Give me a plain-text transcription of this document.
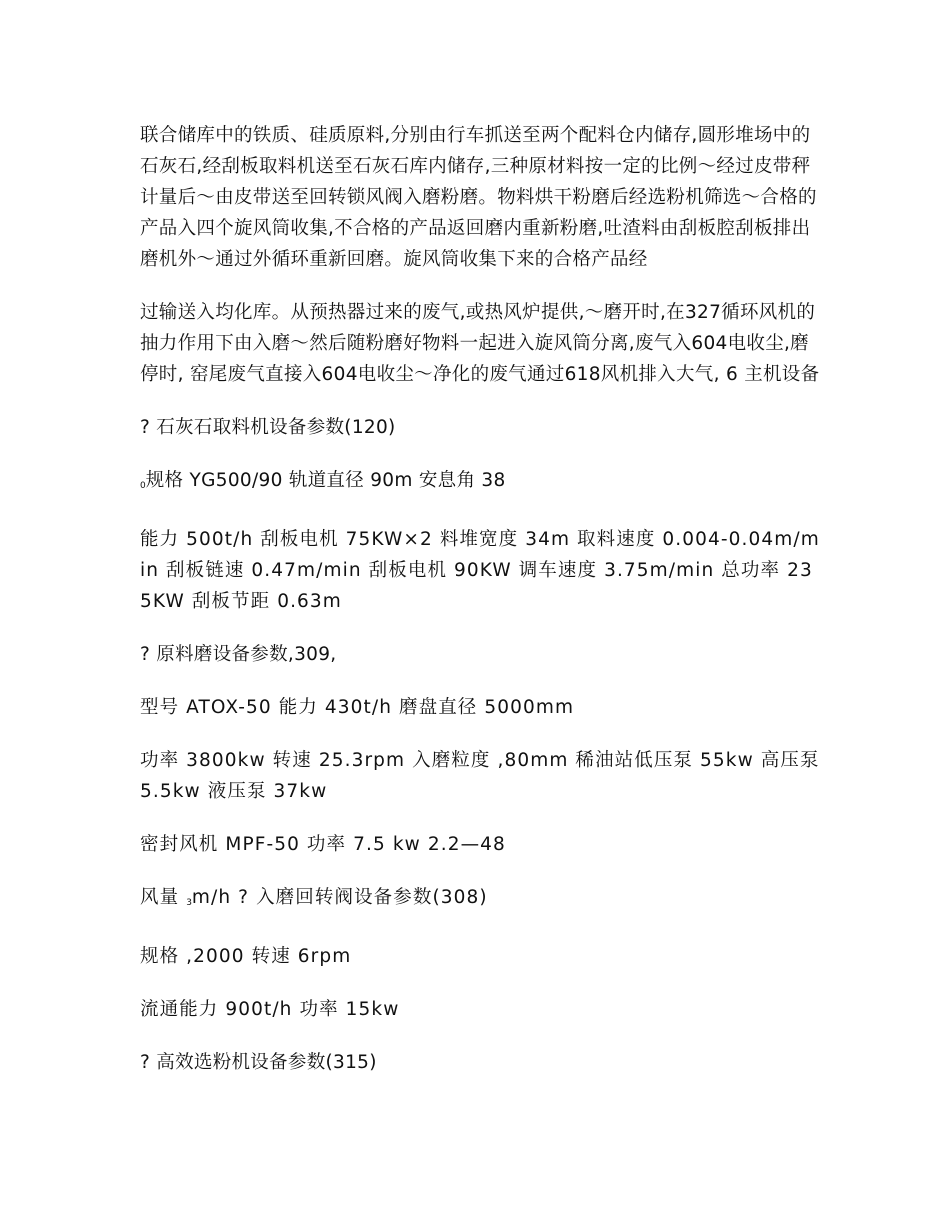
联合储库中的铁质、硅质原料,分别由行车抓送至两个配料仓内储存,圆形堆场中的石灰石,经刮板取料机送至石灰石库内储存,三种原材料按一定的比例～经过皮带秤计量后～由皮带送至回转锁风阀入磨粉磨。物料烘干粉磨后经选粉机筛选～合格的产品入四个旋风筒收集,不合格的产品返回磨内重新粉磨,吐渣料由刮板腔刮板排出磨机外～通过外循环重新回磨。旋风筒收集下来的合格产品经

过输送入均化库。从预热器过来的废气,或热风炉提供,～磨开时,在327循环风机的抽力作用下由入磨～然后随粉磨好物料一起进入旋风筒分离,废气入604电收尘,磨停时, 窑尾废气直接入604电收尘～净化的废气通过618风机排入大气, 6 主机设备

? 石灰石取料机设备参数(120)

$_0$规格 YG500/90 轨道直径 90m 安息角 38

能力 500t/h 刮板电机 75KW×2 料堆宽度 34m 取料速度 0.004-0.04m/min 刮板链速 0.47m/min 刮板电机 90KW 调车速度 3.75m/min 总功率 235KW 刮板节距 0.63m

? 原料磨设备参数,309,

型号 ATOX-50 能力 430t/h 磨盘直径 5000mm

功率 3800kw 转速 25.3rpm 入磨粒度 ,80mm 稀油站低压泵 55kw 高压泵 5.5kw 液压泵 37kw

密封风机 MPF-50 功率 7.5 kw 2.2—48

风量 $_3$m/h ? 入磨回转阀设备参数(308)

规格 ,2000 转速 6rpm

流通能力 900t/h 功率 15kw

? 高效选粉机设备参数(315)
